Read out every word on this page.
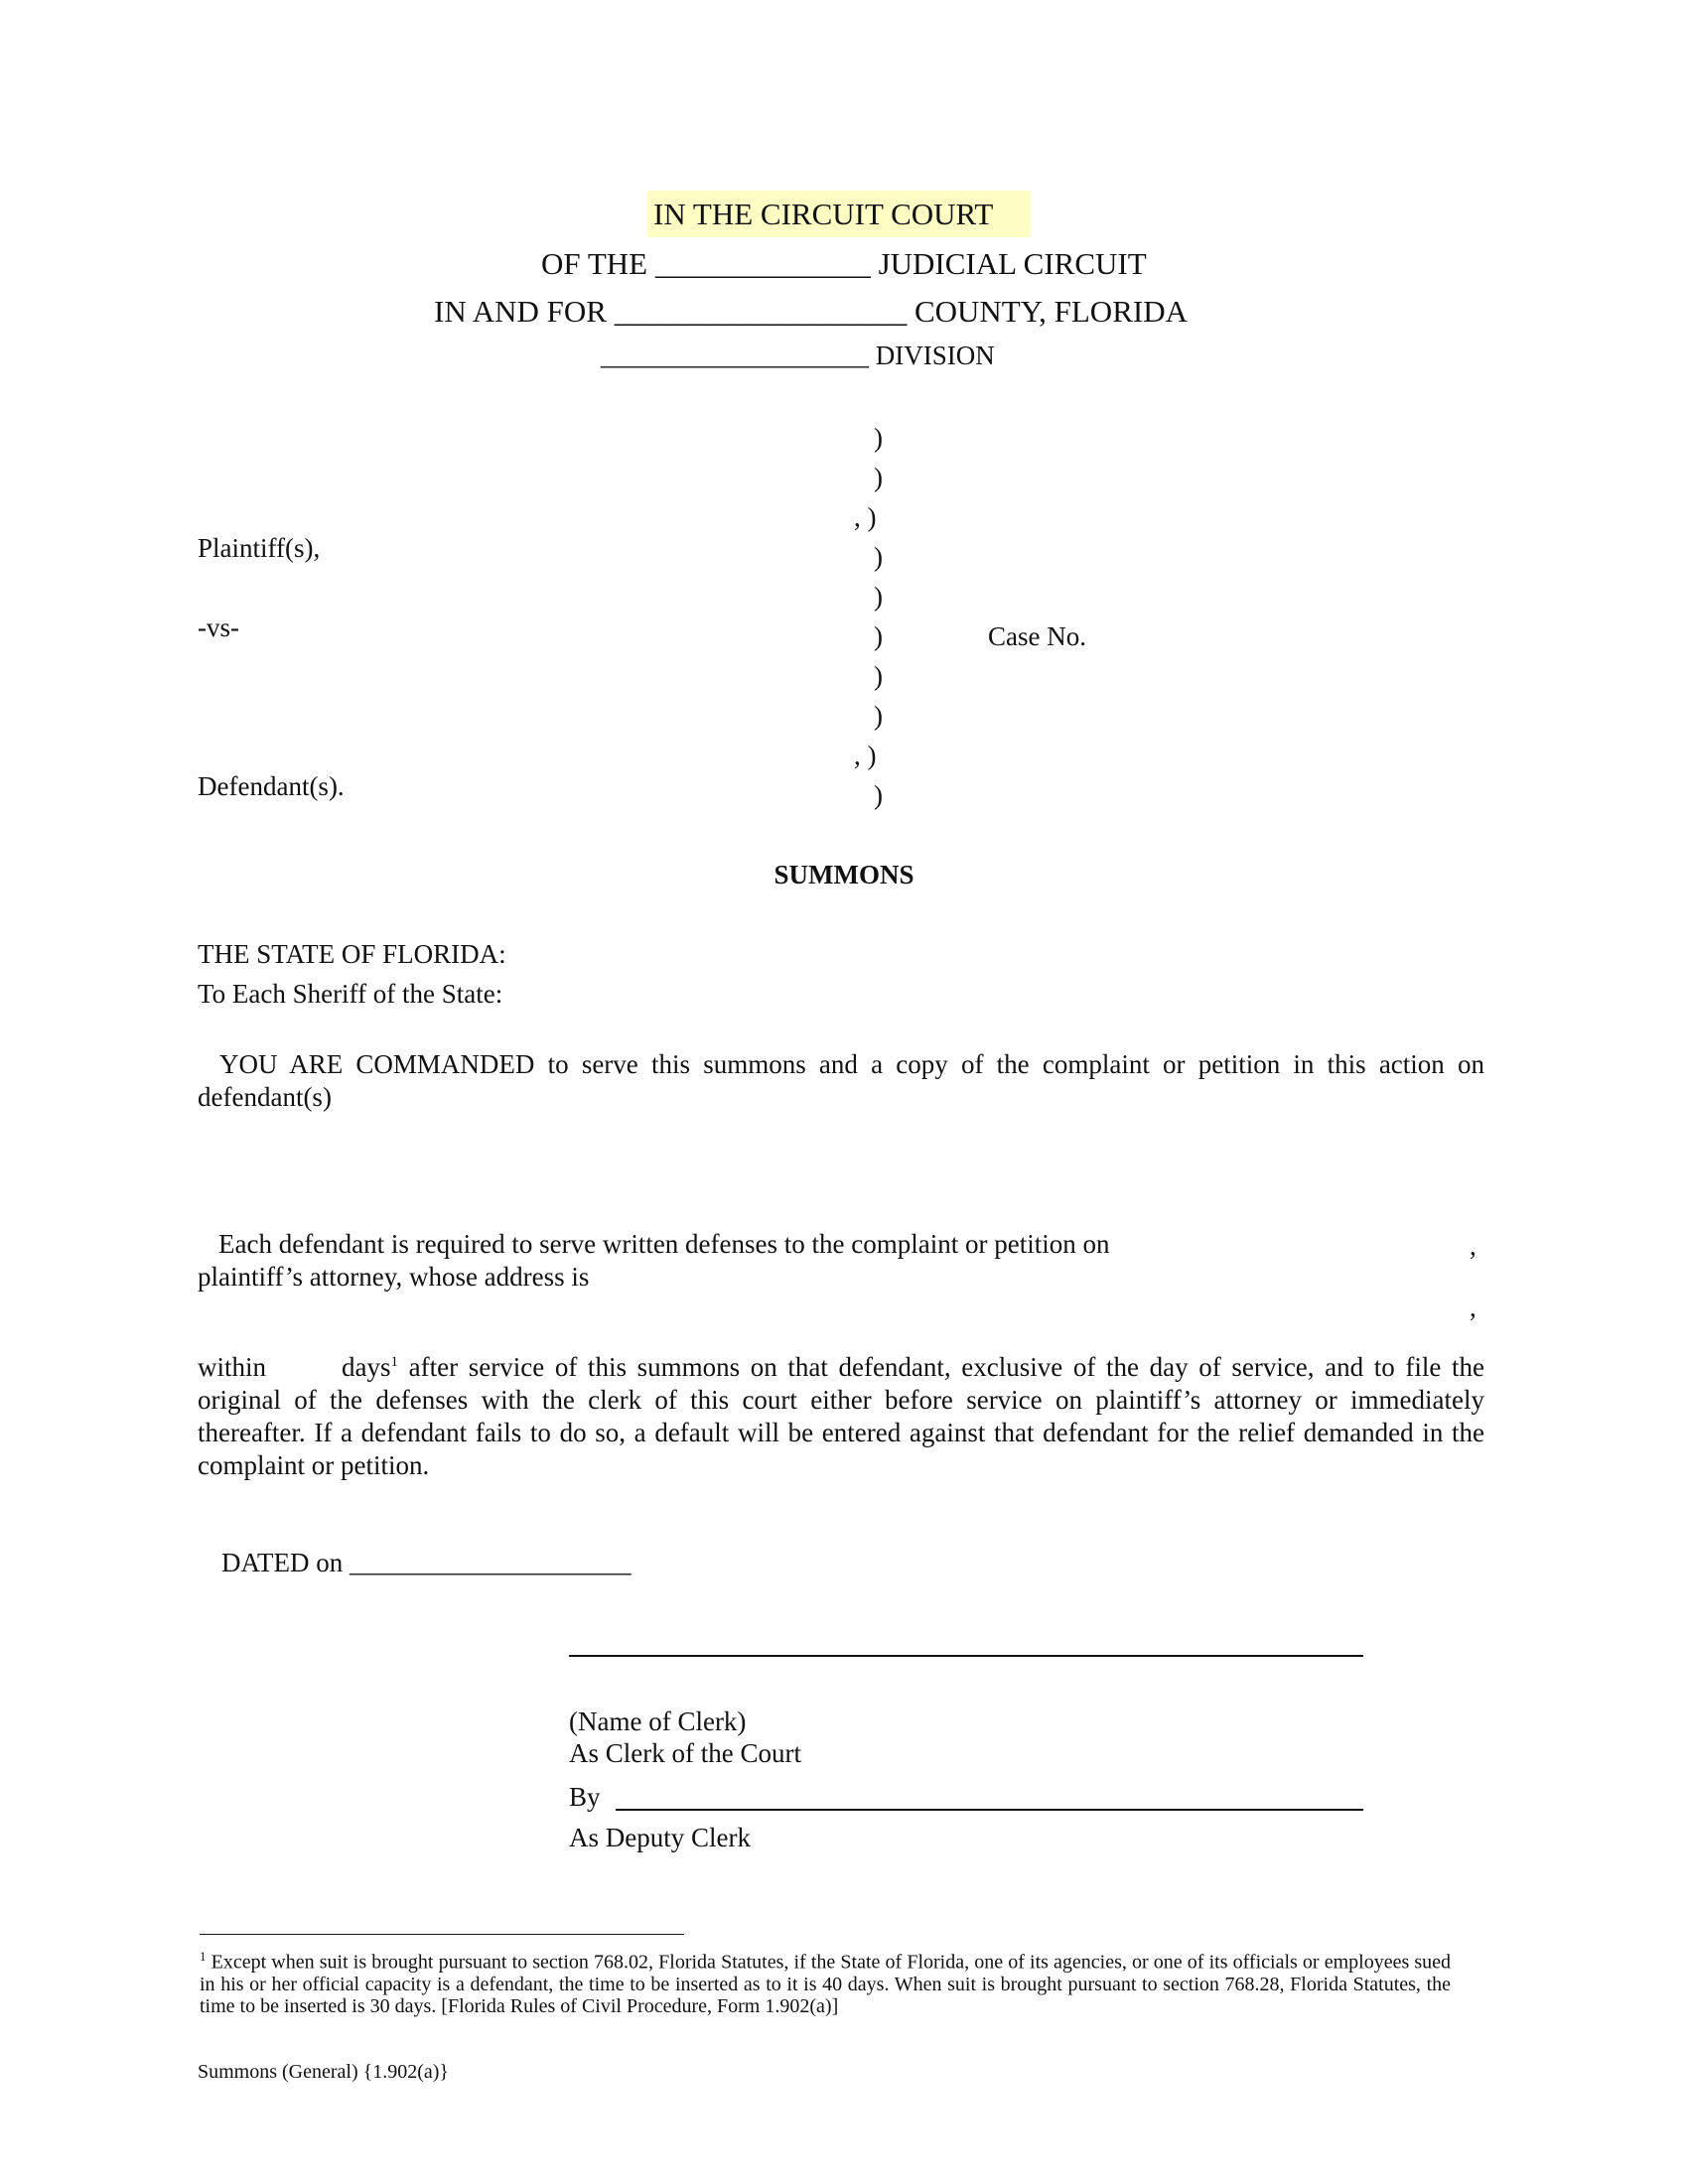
IN THE CIRCUIT COURT
OF THE ______________ JUDICIAL CIRCUIT
IN AND FOR ___________________ COUNTY, FLORIDA
____________________ DIVISION
)
)
, )
)
)
)
)
)
, )
)
Plaintiff(s),
-vs-
Defendant(s).
Case No.
SUMMONS
THE STATE OF FLORIDA:
To Each Sheriff of the State:
YOU ARE COMMANDED to serve this summons and a copy of the complaint or petition in this action on defendant(s)
Each defendant is required to serve written defenses to the complaint or petition on	,
plaintiff’s attorney, whose address is
,
within	days$^1$ after service of this summons on that defendant, exclusive of the day of service, and to file the original of the defenses with the clerk of this court either before service on plaintiff’s attorney or immediately thereafter. If a defendant fails to do so, a default will be entered against that defendant for the relief demanded in the complaint or petition.
DATED on _____________________
(Name of Clerk)
As Clerk of the Court
By
As Deputy Clerk
$^1$ Except when suit is brought pursuant to section 768.02, Florida Statutes, if the State of Florida, one of its agencies, or one of its officials or employees sued in his or her official capacity is a defendant, the time to be inserted as to it is 40 days. When suit is brought pursuant to section 768.28, Florida Statutes, the time to be inserted is 30 days. [Florida Rules of Civil Procedure, Form 1.902(a)]
Summons (General) {1.902(a)}
